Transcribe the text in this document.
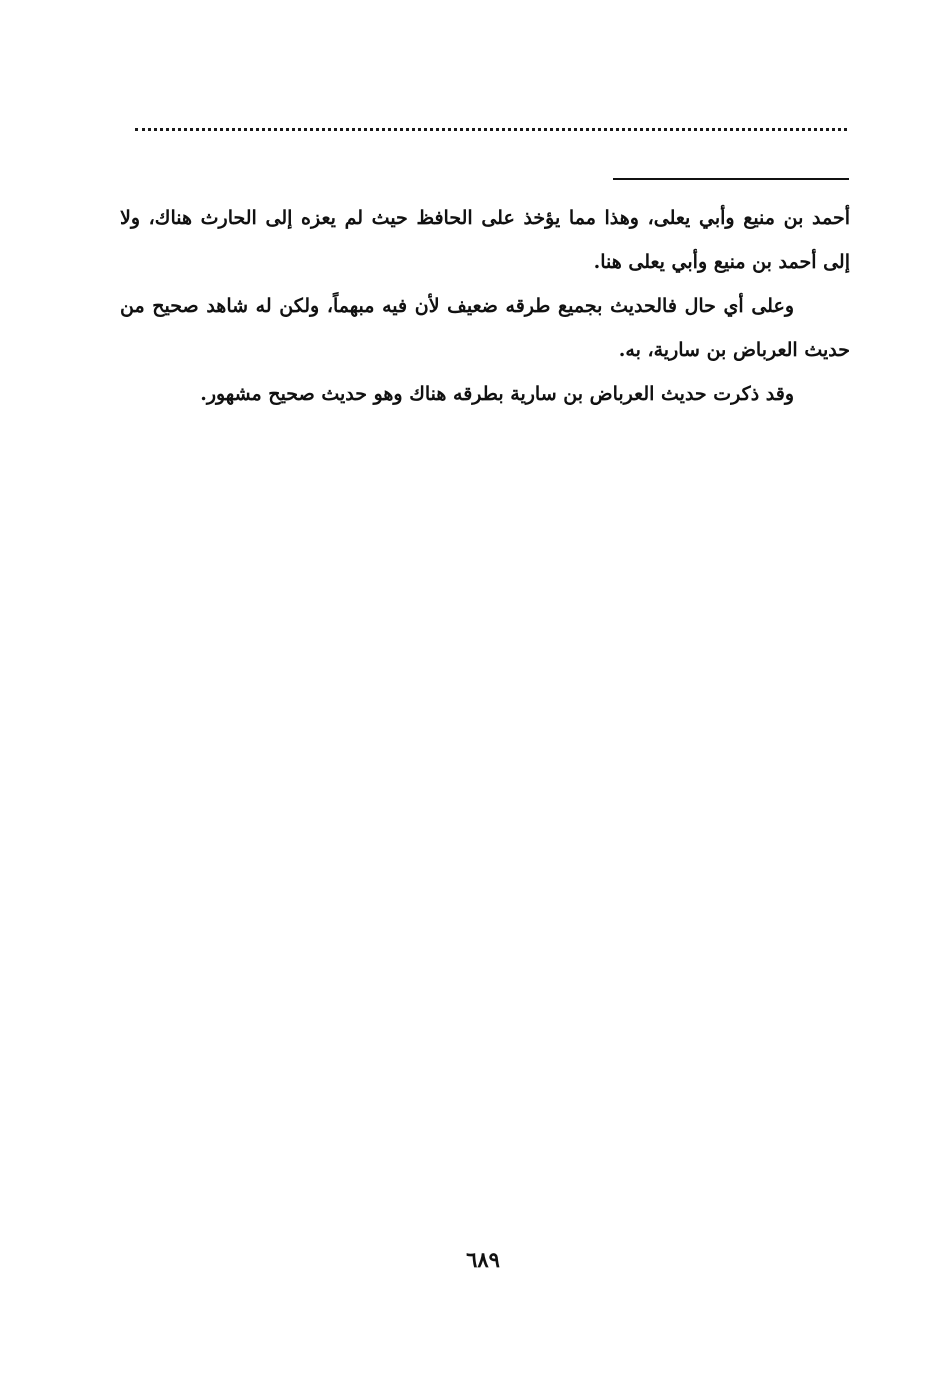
أحمد بن منيع وأبي يعلى، وهذا مما يؤخذ على الحافظ حيث لم يعزه إلى الحارث هناك، ولا إلى أحمد بن منيع وأبي يعلى هنا.

وعلى أي حال فالحديث بجميع طرقه ضعيف لأن فيه مبهماً، ولكن له شاهد صحيح من حديث العرباض بن سارية، به.

وقد ذكرت حديث العرباض بن سارية بطرقه هناك وهو حديث صحيح مشهور.

٦٨٩
